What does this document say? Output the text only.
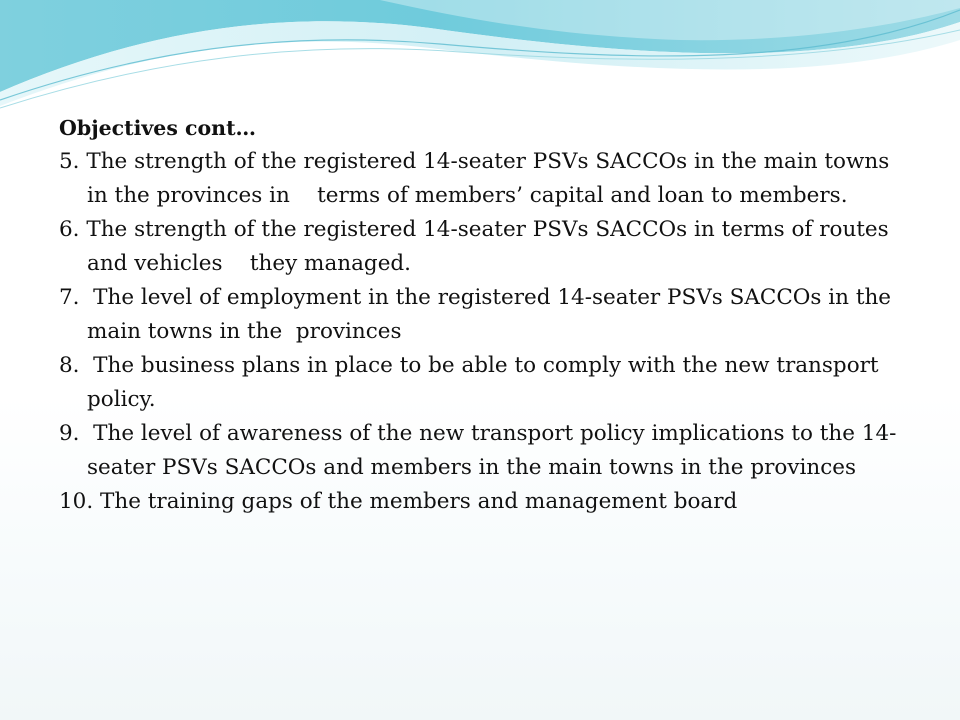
Objectives cont…

5. The strength of the registered 14-seater PSVs SACCOs in the main towns in the provinces in    terms of members’ capital and loan to members.

6. The strength of the registered 14-seater PSVs SACCOs in terms of routes and vehicles    they managed.

7.  The level of employment in the registered 14-seater PSVs SACCOs in the main towns in the  provinces

8.  The business plans in place to be able to comply with the new transport policy.

9.  The level of awareness of the new transport policy implications to the 14-seater PSVs SACCOs and members in the main towns in the provinces

10. The training gaps of the members and management board
